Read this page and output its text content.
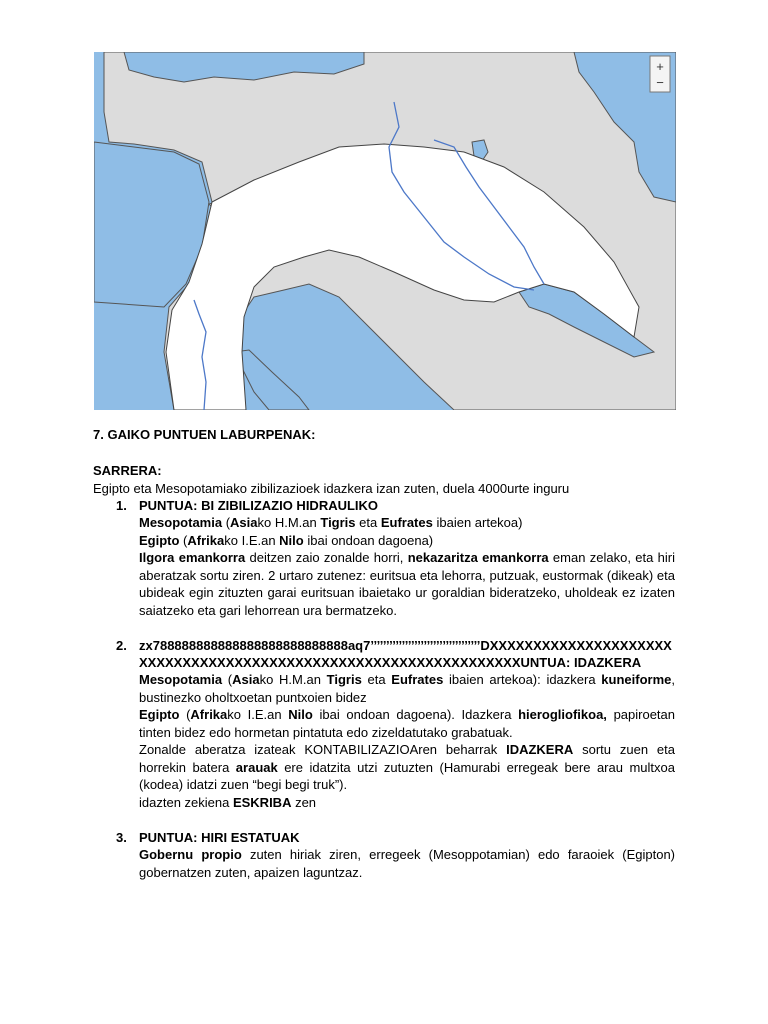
+
−

7. GAIKO PUNTUEN LABURPENAK:

SARRERA:

Egipto eta Mesopotamiako zibilizazioek idazkera izan zuten, duela 4000urte inguru

1. PUNTUA: BI ZIBILIZAZIO HIDRAULIKO
Mesopotamia (Asiako H.M.an Tigris eta Eufrates ibaien artekoa)
Egipto (Afrikako I.E.an Nilo ibai ondoan dagoena)
Ilgora emankorra deitzen zaio zonalde horri, nekazaritza emankorra eman zelako, eta hiri aberatzak sortu ziren. 2 urtaro zutenez: euritsua eta lehorra, putzuak, eustormak (dikeak) eta ubideak egin zituzten garai euritsuan ibaietako ur goraldian bideratzeko, uholdeak ez izaten saiatzeko eta gari lehorrean ura bermatzeko.
2. zx788888888888888888888888888aq7’’’’’’’’’’’’’’’’’’’’’’’’’’’’’’’’’’’DXXXXXXXXXXXXXXXXXXXXXXXXXXXXXXXXXXXXXXXXXXXXXXXXXXXXXXXXXXXXXXXXXUNTUA: IDAZKERA
Mesopotamia (Asiako H.M.an Tigris eta Eufrates ibaien artekoa): idazkera kuneiforme, bustinezko oholtxoetan puntxoien bidez
Egipto (Afrikako I.E.an Nilo ibai ondoan dagoena). Idazkera hierogliofikoa, papiroetan tinten bidez edo hormetan pintatuta edo zizeldatutako grabatuak.
Zonalde aberatza izateak KONTABILIZAZIOAren beharrak IDAZKERA sortu zuen eta horrekin batera arauak ere idatzita utzi zutuzten (Hamurabi erregeak bere arau multxoa (kodea) idatzi zuen “begi begi truk”).
idazten zekiena ESKRIBA zen
3. PUNTUA: HIRI ESTATUAK
Gobernu propio zuten hiriak ziren, erregeek (Mesoppotamian) edo faraoiek (Egipton) gobernatzen zuten, apaizen laguntzaz.
